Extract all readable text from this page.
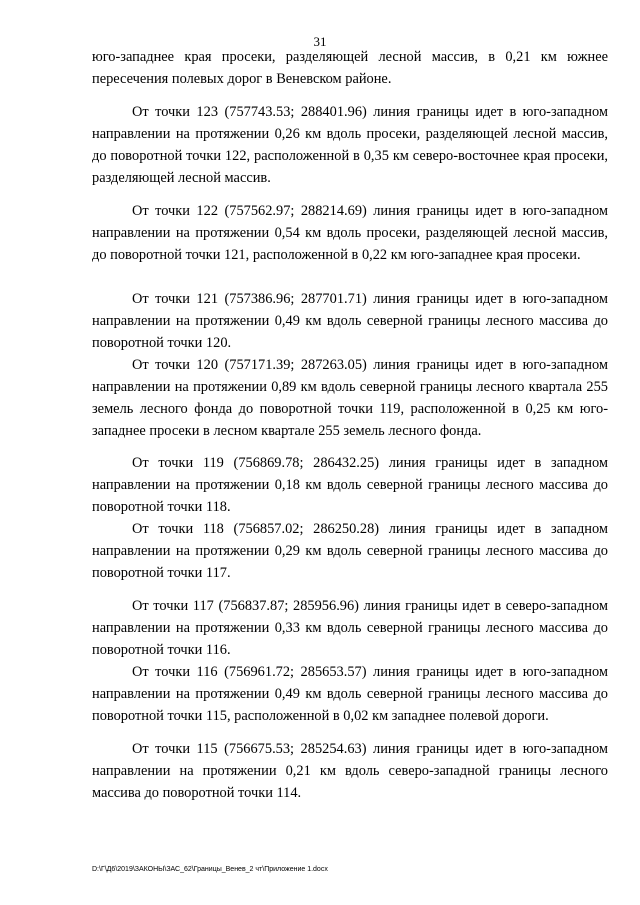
31

юго-западнее края просеки, разделяющей лесной массив, в 0,21 км южнее пересечения полевых дорог в Веневском районе.

От точки 123 (757743.53; 288401.96) линия границы идет в юго-западном направлении на протяжении 0,26 км вдоль просеки, разделяющей лесной массив, до поворотной точки 122, расположенной в 0,35 км северо-восточнее края просеки, разделяющей лесной массив.

От точки 122 (757562.97; 288214.69) линия границы идет в юго-западном направлении на протяжении 0,54 км вдоль просеки, разделяющей лесной массив, до поворотной точки 121, расположенной в 0,22 км юго-западнее края просеки.

От точки 121 (757386.96; 287701.71) линия границы идет в юго-западном направлении на протяжении 0,49 км вдоль северной границы лесного массива до поворотной точки 120.

От точки 120 (757171.39; 287263.05) линия границы идет в юго-западном направлении на протяжении 0,89 км вдоль северной границы лесного квартала 255 земель лесного фонда до поворотной точки 119, расположенной в 0,25 км юго-западнее просеки в лесном квартале 255 земель лесного фонда.

От точки 119 (756869.78; 286432.25) линия границы идет в западном направлении на протяжении 0,18 км вдоль северной границы лесного массива до поворотной точки 118.

От точки 118 (756857.02; 286250.28) линия границы идет в западном направлении на протяжении 0,29 км вдоль северной границы лесного массива до поворотной точки 117.

От точки 117 (756837.87; 285956.96) линия границы идет в северо-западном направлении на протяжении 0,33 км вдоль северной границы лесного массива до поворотной точки 116.

От точки 116 (756961.72; 285653.57) линия границы идет в юго-западном направлении на протяжении 0,49 км вдоль северной границы лесного массива до поворотной точки 115, расположенной в 0,02 км западнее полевой дороги.

От точки 115 (756675.53; 285254.63) линия границы идет в юго-западном направлении на протяжении 0,21 км вдоль северо-западной границы лесного массива до поворотной точки 114.

D:\Г\Д6\2019\ЗАКОНЫ\ЗАС_62\Границы_Венев_2 чт\Приложение 1.docx
